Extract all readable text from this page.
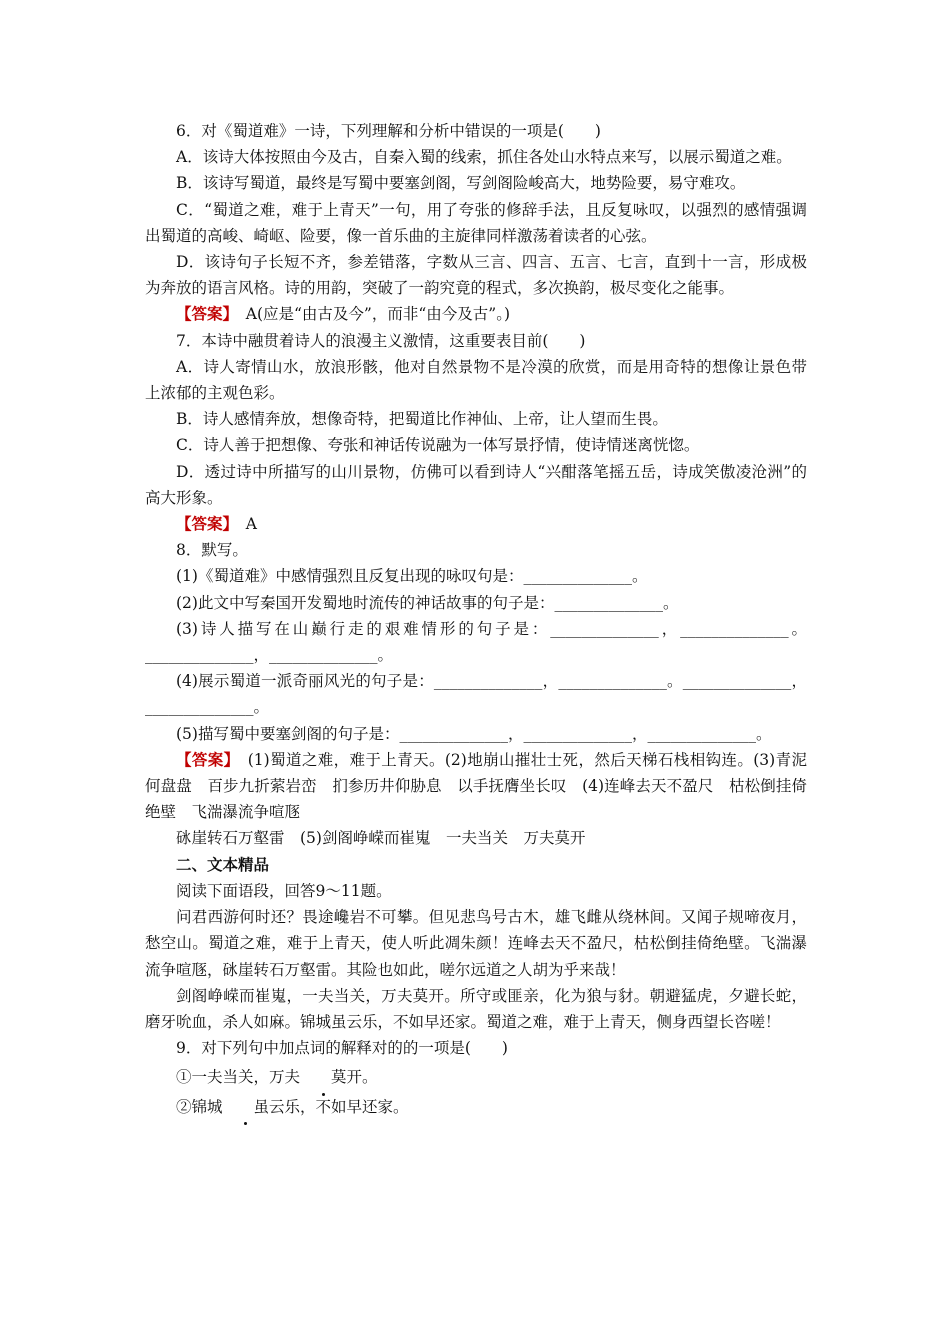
6．对《蜀道难》一诗，下列理解和分析中错误的一项是(　　)

A．该诗大体按照由今及古，自秦入蜀的线索，抓住各处山水特点来写，以展示蜀道之难。

B．该诗写蜀道，最终是写蜀中要塞剑阁，写剑阁险峻高大，地势险要，易守难攻。

C．“蜀道之难，难于上青天”一句，用了夸张的修辞手法，且反复咏叹，以强烈的感情强调出蜀道的高峻、崎岖、险要，像一首乐曲的主旋律同样激荡着读者的心弦。

D．该诗句子长短不齐，参差错落，字数从三言、四言、五言、七言，直到十一言，形成极为奔放的语言风格。诗的用韵，突破了一韵究竟的程式，多次换韵，极尽变化之能事。

【答案】　A(应是“由古及今”，而非“由今及古”。)

7．本诗中融贯着诗人的浪漫主义激情，这重要表目前(　　)

A．诗人寄情山水，放浪形骸，他对自然景物不是冷漠的欣赏，而是用奇特的想像让景色带上浓郁的主观色彩。

B．诗人感情奔放，想像奇特，把蜀道比作神仙、上帝，让人望而生畏。

C．诗人善于把想像、夸张和神话传说融为一体写景抒情，使诗情迷离恍惚。

D．透过诗中所描写的山川景物，仿佛可以看到诗人“兴酣落笔摇五岳，诗成笑傲凌沧洲”的高大形象。

【答案】　A

8．默写。

(1)《蜀道难》中感情强烈且反复出现的咏叹句是：______________。

(2)此文中写秦国开发蜀地时流传的神话故事的句子是：______________。

(3)诗人描写在山巅行走的艰难情形的句子是：______________，______________。______________，______________。

(4)展示蜀道一派奇丽风光的句子是：______________，______________。______________，______________。

(5)描写蜀中要塞剑阁的句子是：______________，______________，______________。

【答案】　(1)蜀道之难，难于上青天。(2)地崩山摧壮士死，然后天梯石栈相钩连。(3)青泥何盘盘　百步九折萦岩峦　扪参历井仰胁息　以手抚膺坐长叹　(4)连峰去天不盈尺　枯松倒挂倚绝壁　飞湍瀑流争喧豗

砯崖转石万壑雷　(5)剑阁峥嵘而崔嵬　一夫当关　万夫莫开

二、文本精品

阅读下面语段，回答9～11题。

问君西游何时还？畏途巉岩不可攀。但见悲鸟号古木，雄飞雌从绕林间。又闻子规啼夜月，愁空山。蜀道之难，难于上青天，使人听此凋朱颜！连峰去天不盈尺，枯松倒挂倚绝壁。飞湍瀑流争喧豗，砯崖转石万壑雷。其险也如此，嗟尔远道之人胡为乎来哉！

剑阁峥嵘而崔嵬，一夫当关，万夫莫开。所守或匪亲，化为狼与豺。朝避猛虎，夕避长蛇，磨牙吮血，杀人如麻。锦城虽云乐，不如早还家。蜀道之难，难于上青天，侧身西望长咨嗟！

9．对下列句中加点词的解释对的的一项是(　　)

①一夫当关，万夫 莫开。

②锦城 虽云乐，不如早还家。
